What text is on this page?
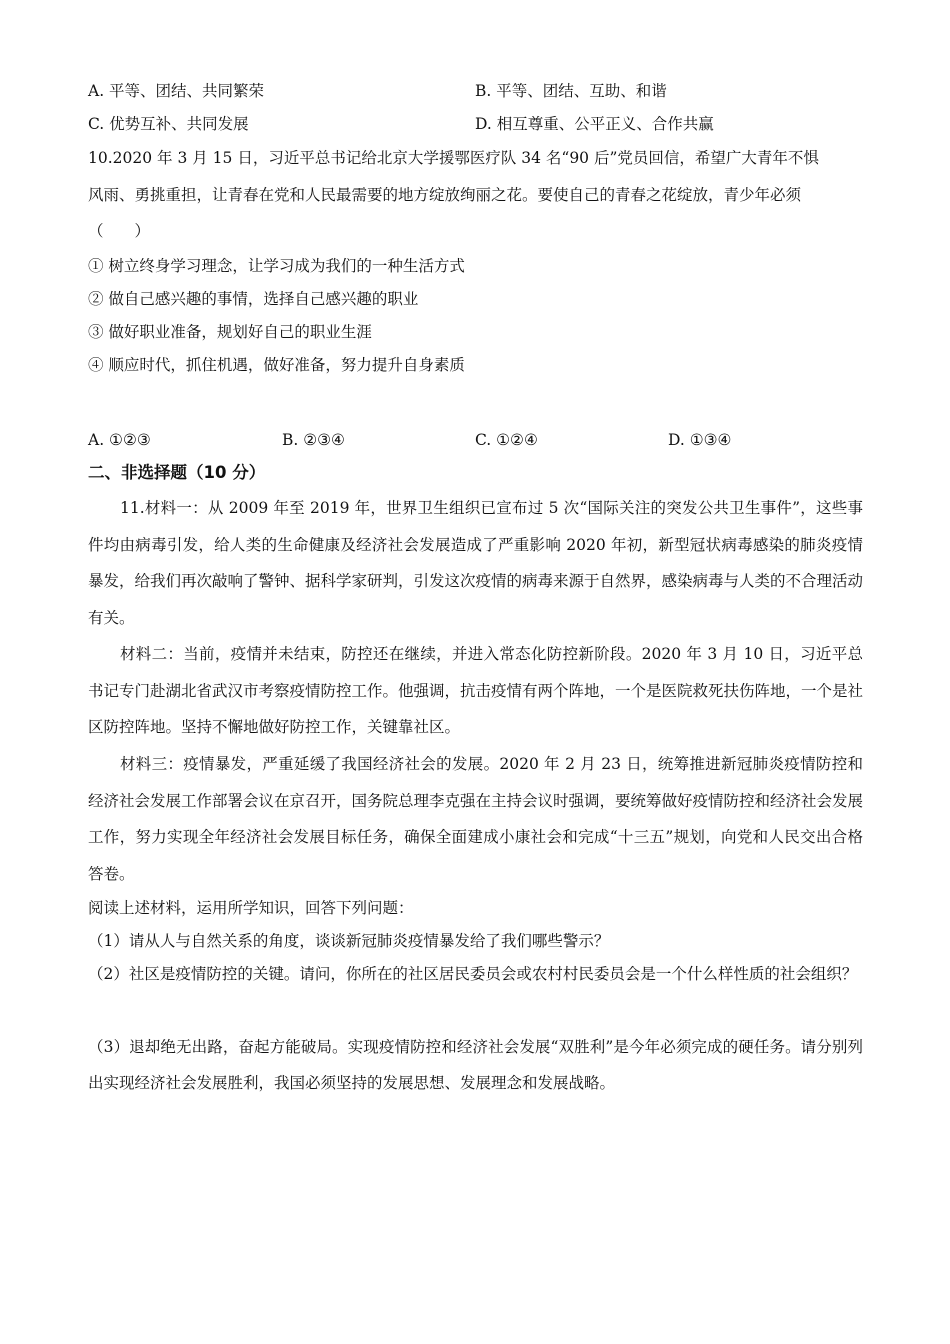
A. 平等、团结、共同繁荣	B. 平等、团结、互助、和谐
C. 优势互补、共同发展	D. 相互尊重、公平正义、合作共赢
10.2020 年 3 月 15 日，习近平总书记给北京大学援鄂医疗队 34 名“90 后”党员回信，希望广大青年不惧
风雨、勇挑重担，让青春在党和人民最需要的地方绽放绚丽之花。要使自己的青春之花绽放，青少年必须
（　　）
① 树立终身学习理念，让学习成为我们的一种生活方式
② 做自己感兴趣的事情，选择自己感兴趣的职业
③ 做好职业准备，规划好自己的职业生涯
④ 顺应时代，抓住机遇，做好准备，努力提升自身素质
A. ①②③	B. ②③④	C. ①②④	D. ①③④
二、非选择题（10 分）
11.材料一：从 2009 年至 2019 年，世界卫生组织已宣布过 5 次“国际关注的突发公共卫生事件”，这些事件均由病毒引发，给人类的生命健康及经济社会发展造成了严重影响 2020 年初，新型冠状病毒感染的肺炎疫情暴发，给我们再次敲响了警钟、据科学家研判，引发这次疫情的病毒来源于自然界，感染病毒与人类的不合理活动有关。
材料二：当前，疫情并未结束，防控还在继续，并进入常态化防控新阶段。2020 年 3 月 10 日，习近平总书记专门赴湖北省武汉市考察疫情防控工作。他强调，抗击疫情有两个阵地，一个是医院救死扶伤阵地，一个是社区防控阵地。坚持不懈地做好防控工作，关键靠社区。
材料三：疫情暴发，严重延缓了我国经济社会的发展。2020 年 2 月 23 日，统筹推进新冠肺炎疫情防控和经济社会发展工作部署会议在京召开，国务院总理李克强在主持会议时强调，要统筹做好疫情防控和经济社会发展工作，努力实现全年经济社会发展目标任务，确保全面建成小康社会和完成“十三五”规划，向党和人民交出合格答卷。
阅读上述材料，运用所学知识，回答下列问题：
（1）请从人与自然关系的角度，谈谈新冠肺炎疫情暴发给了我们哪些警示？
（2）社区是疫情防控的关键。请问，你所在的社区居民委员会或农村村民委员会是一个什么样性质的社会组织？
（3）退却绝无出路，奋起方能破局。实现疫情防控和经济社会发展“双胜利”是今年必须完成的硬任务。请分别列出实现经济社会发展胜利，我国必须坚持的发展思想、发展理念和发展战略。
